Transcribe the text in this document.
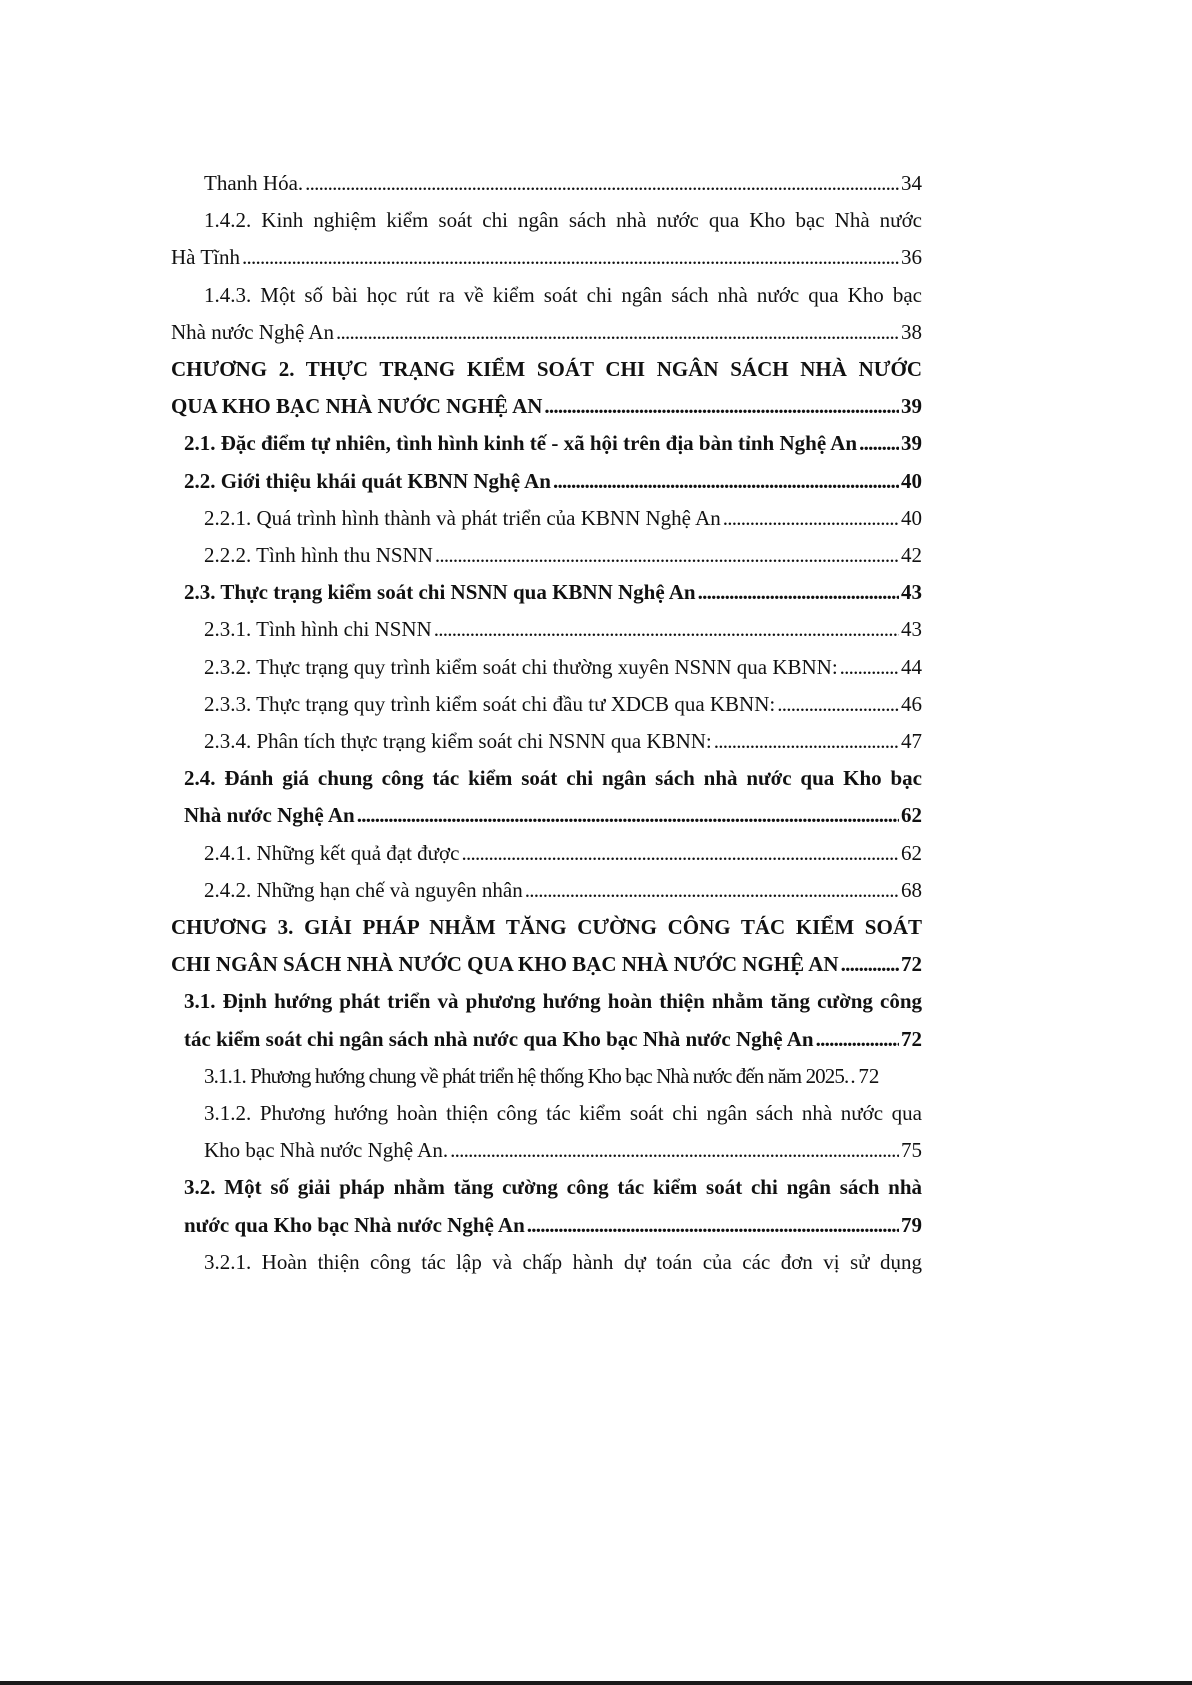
Thanh Hóa. . . .	34
1.4.2. Kinh nghiệm kiểm soát chi ngân sách nhà nước qua Kho bạc Nhà nước
Hà Tĩnh . . .	36
1.4.3. Một số bài học rút ra về kiểm soát chi ngân sách nhà nước qua Kho bạc
Nhà nước Nghệ An . . .	38
CHƯƠNG 2. THỰC TRẠNG KIỂM SOÁT CHI NGÂN SÁCH NHÀ NƯỚC
QUA KHO BẠC NHÀ NƯỚC NGHỆ AN . . .	39
2.1. Đặc điểm tự nhiên, tình hình kinh tế - xã hội trên địa bàn tỉnh Nghệ An . . . 39
2.2. Giới thiệu khái quát KBNN Nghệ An . . .	40
2.2.1. Quá trình hình thành và phát triển của KBNN Nghệ An . . .	40
2.2.2. Tình hình thu NSNN . . .	42
2.3. Thực trạng kiểm soát chi NSNN qua KBNN Nghệ An . . .	43
2.3.1. Tình hình chi NSNN . . .	43
2.3.2. Thực trạng quy trình kiểm soát chi thường xuyên NSNN qua KBNN: . . .	44
2.3.3. Thực trạng quy trình kiểm soát chi đầu tư XDCB qua KBNN: . . .	46
2.3.4. Phân tích thực trạng kiểm soát chi NSNN qua KBNN: . . .	47
2.4. Đánh giá chung công tác kiểm soát chi ngân sách nhà nước qua Kho bạc
Nhà nước Nghệ An . . .	62
2.4.1. Những kết quả đạt được . . .	62
2.4.2. Những hạn chế và nguyên nhân . . .	68
CHƯƠNG 3. GIẢI PHÁP NHẰM TĂNG CƯỜNG CÔNG TÁC KIỂM SOÁT
CHI NGÂN SÁCH NHÀ NƯỚC QUA KHO BẠC NHÀ NƯỚC NGHỆ AN . . .	72
3.1. Định hướng phát triển và phương hướng hoàn thiện nhằm tăng cường công
tác kiểm soát chi ngân sách nhà nước qua Kho bạc Nhà nước Nghệ An . . .	72
3.1.1. Phương hướng chung về phát triển hệ thống Kho bạc Nhà nước đến năm 2025. . . . 72
3.1.2. Phương hướng hoàn thiện công tác kiểm soát chi ngân sách nhà nước qua
Kho bạc Nhà nước Nghệ An. . . .	75
3.2. Một số giải pháp nhằm tăng cường công tác kiểm soát chi ngân sách nhà
nước qua Kho bạc Nhà nước Nghệ An . . .	79
3.2.1. Hoàn thiện công tác lập và chấp hành dự toán của các đơn vị sử dụng
